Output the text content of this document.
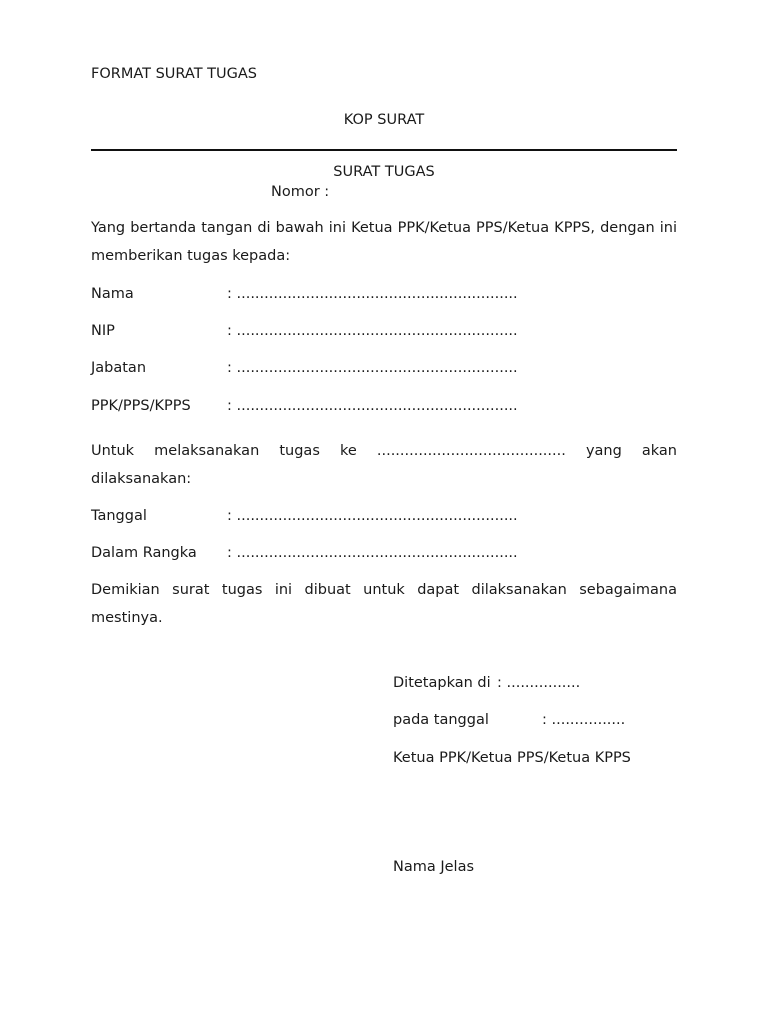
FORMAT SURAT TUGAS
KOP SURAT
SURAT TUGAS
Nomor :
Yang bertanda tangan di bawah ini Ketua PPK/Ketua PPS/Ketua KPPS, dengan ini memberikan tugas kepada:
Nama	: .............................................................
NIP	: .............................................................
Jabatan	: .............................................................
PPK/PPS/KPPS	: .............................................................
Untuk melaksanakan tugas ke ......................................... yang akan dilaksanakan:
Tanggal	: .............................................................
Dalam Rangka : .............................................................
Demikian surat tugas ini dibuat untuk dapat dilaksanakan sebagaimana mestinya.
Ditetapkan di : ................
pada tanggal	: ................
Ketua PPK/Ketua PPS/Ketua KPPS
Nama Jelas
